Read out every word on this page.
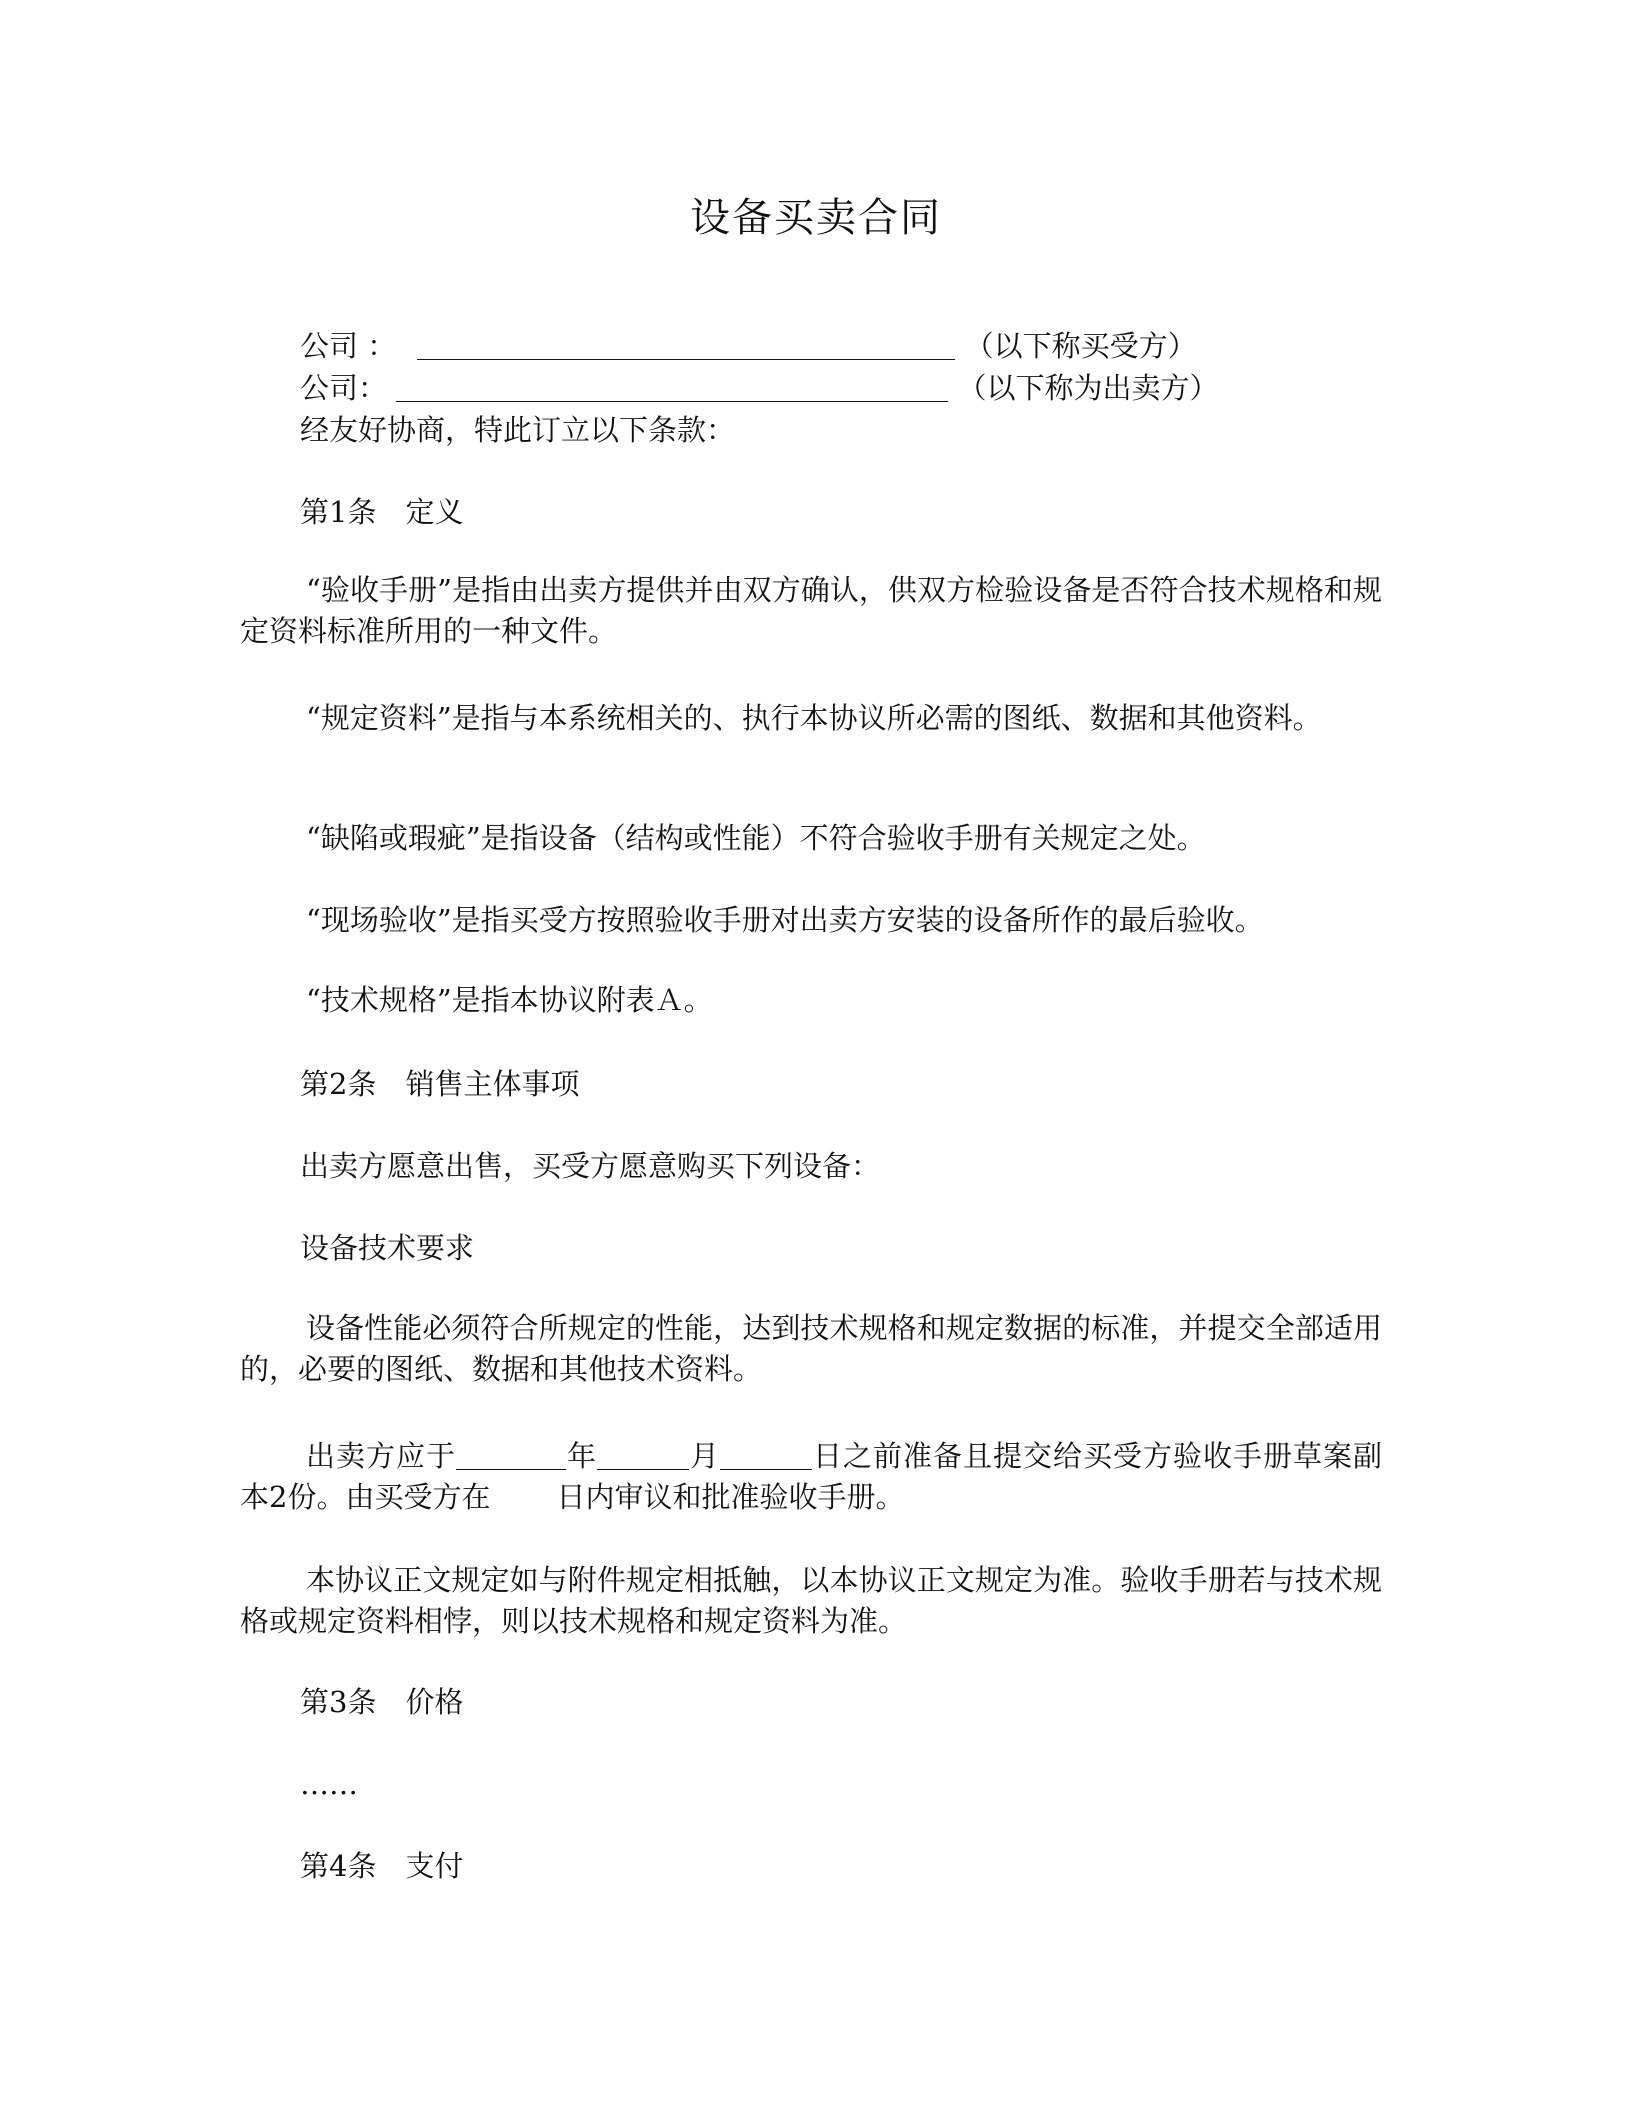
设备买卖合同
公司 ：	（以下称买受方）
公司：	（以下称为出卖方）
经友好协商，特此订立以下条款：
第1条　定义
“验收手册”是指由出卖方提供并由双方确认，供双方检验设备是否符合技术规格和规定资料标准所用的一种文件。
“规定资料”是指与本系统相关的、执行本协议所必需的图纸、数据和其他资料。
“缺陷或瑕疵”是指设备（结构或性能）不符合验收手册有关规定之处。
“现场验收”是指买受方按照验收手册对出卖方安装的设备所作的最后验收。
“技术规格”是指本协议附表Ａ。
第2条　销售主体事项
出卖方愿意出售，买受方愿意购买下列设备：
设备技术要求
设备性能必须符合所规定的性能，达到技术规格和规定数据的标准，并提交全部适用的，必要的图纸、数据和其他技术资料。
出卖方应于	年	月	日之前准备且提交给买受方验收手册草案副本2份。由买受方在 日内审议和批准验收手册。
本协议正文规定如与附件规定相抵触，以本协议正文规定为准。验收手册若与技术规格或规定资料相悖，则以技术规格和规定资料为准。
第3条　价格
……
第4条　支付
